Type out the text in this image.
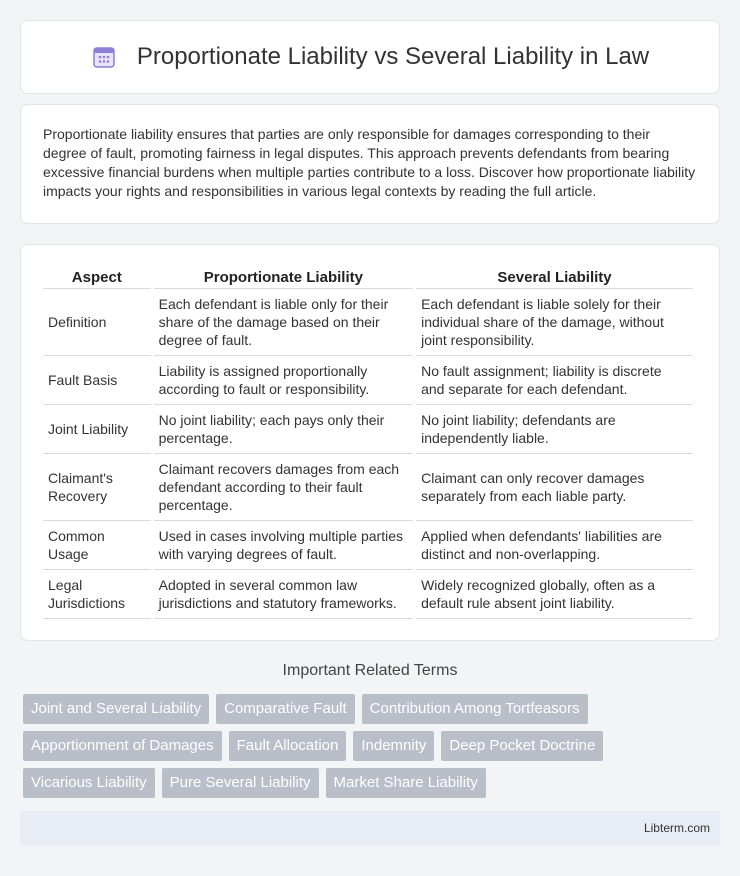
Proportionate Liability vs Several Liability in Law

Proportionate liability ensures that parties are only responsible for damages corresponding to their degree of fault, promoting fairness in legal disputes. This approach prevents defendants from bearing excessive financial burdens when multiple parties contribute to a loss. Discover how proportionate liability impacts your rights and responsibilities in various legal contexts by reading the full article.

Aspect	Proportionate Liability	Several Liability
Definition	Each defendant is liable only for their share of the damage based on their degree of fault.	Each defendant is liable solely for their individual share of the damage, without joint responsibility.
Fault Basis	Liability is assigned proportionally according to fault or responsibility.	No fault assignment; liability is discrete and separate for each defendant.
Joint Liability	No joint liability; each pays only their percentage.	No joint liability; defendants are independently liable.
Claimant's Recovery	Claimant recovers damages from each defendant according to their fault percentage.	Claimant can only recover damages separately from each liable party.
Common Usage	Used in cases involving multiple parties with varying degrees of fault.	Applied when defendants' liabilities are distinct and non-overlapping.
Legal Jurisdictions	Adopted in several common law jurisdictions and statutory frameworks.	Widely recognized globally, often as a default rule absent joint liability.
Important Related Terms
Joint and Several Liability	Comparative Fault	Contribution Among Tortfeasors
Apportionment of Damages	Fault Allocation	Indemnity	Deep Pocket Doctrine
Vicarious Liability	Pure Several Liability	Market Share Liability
Libterm.com
